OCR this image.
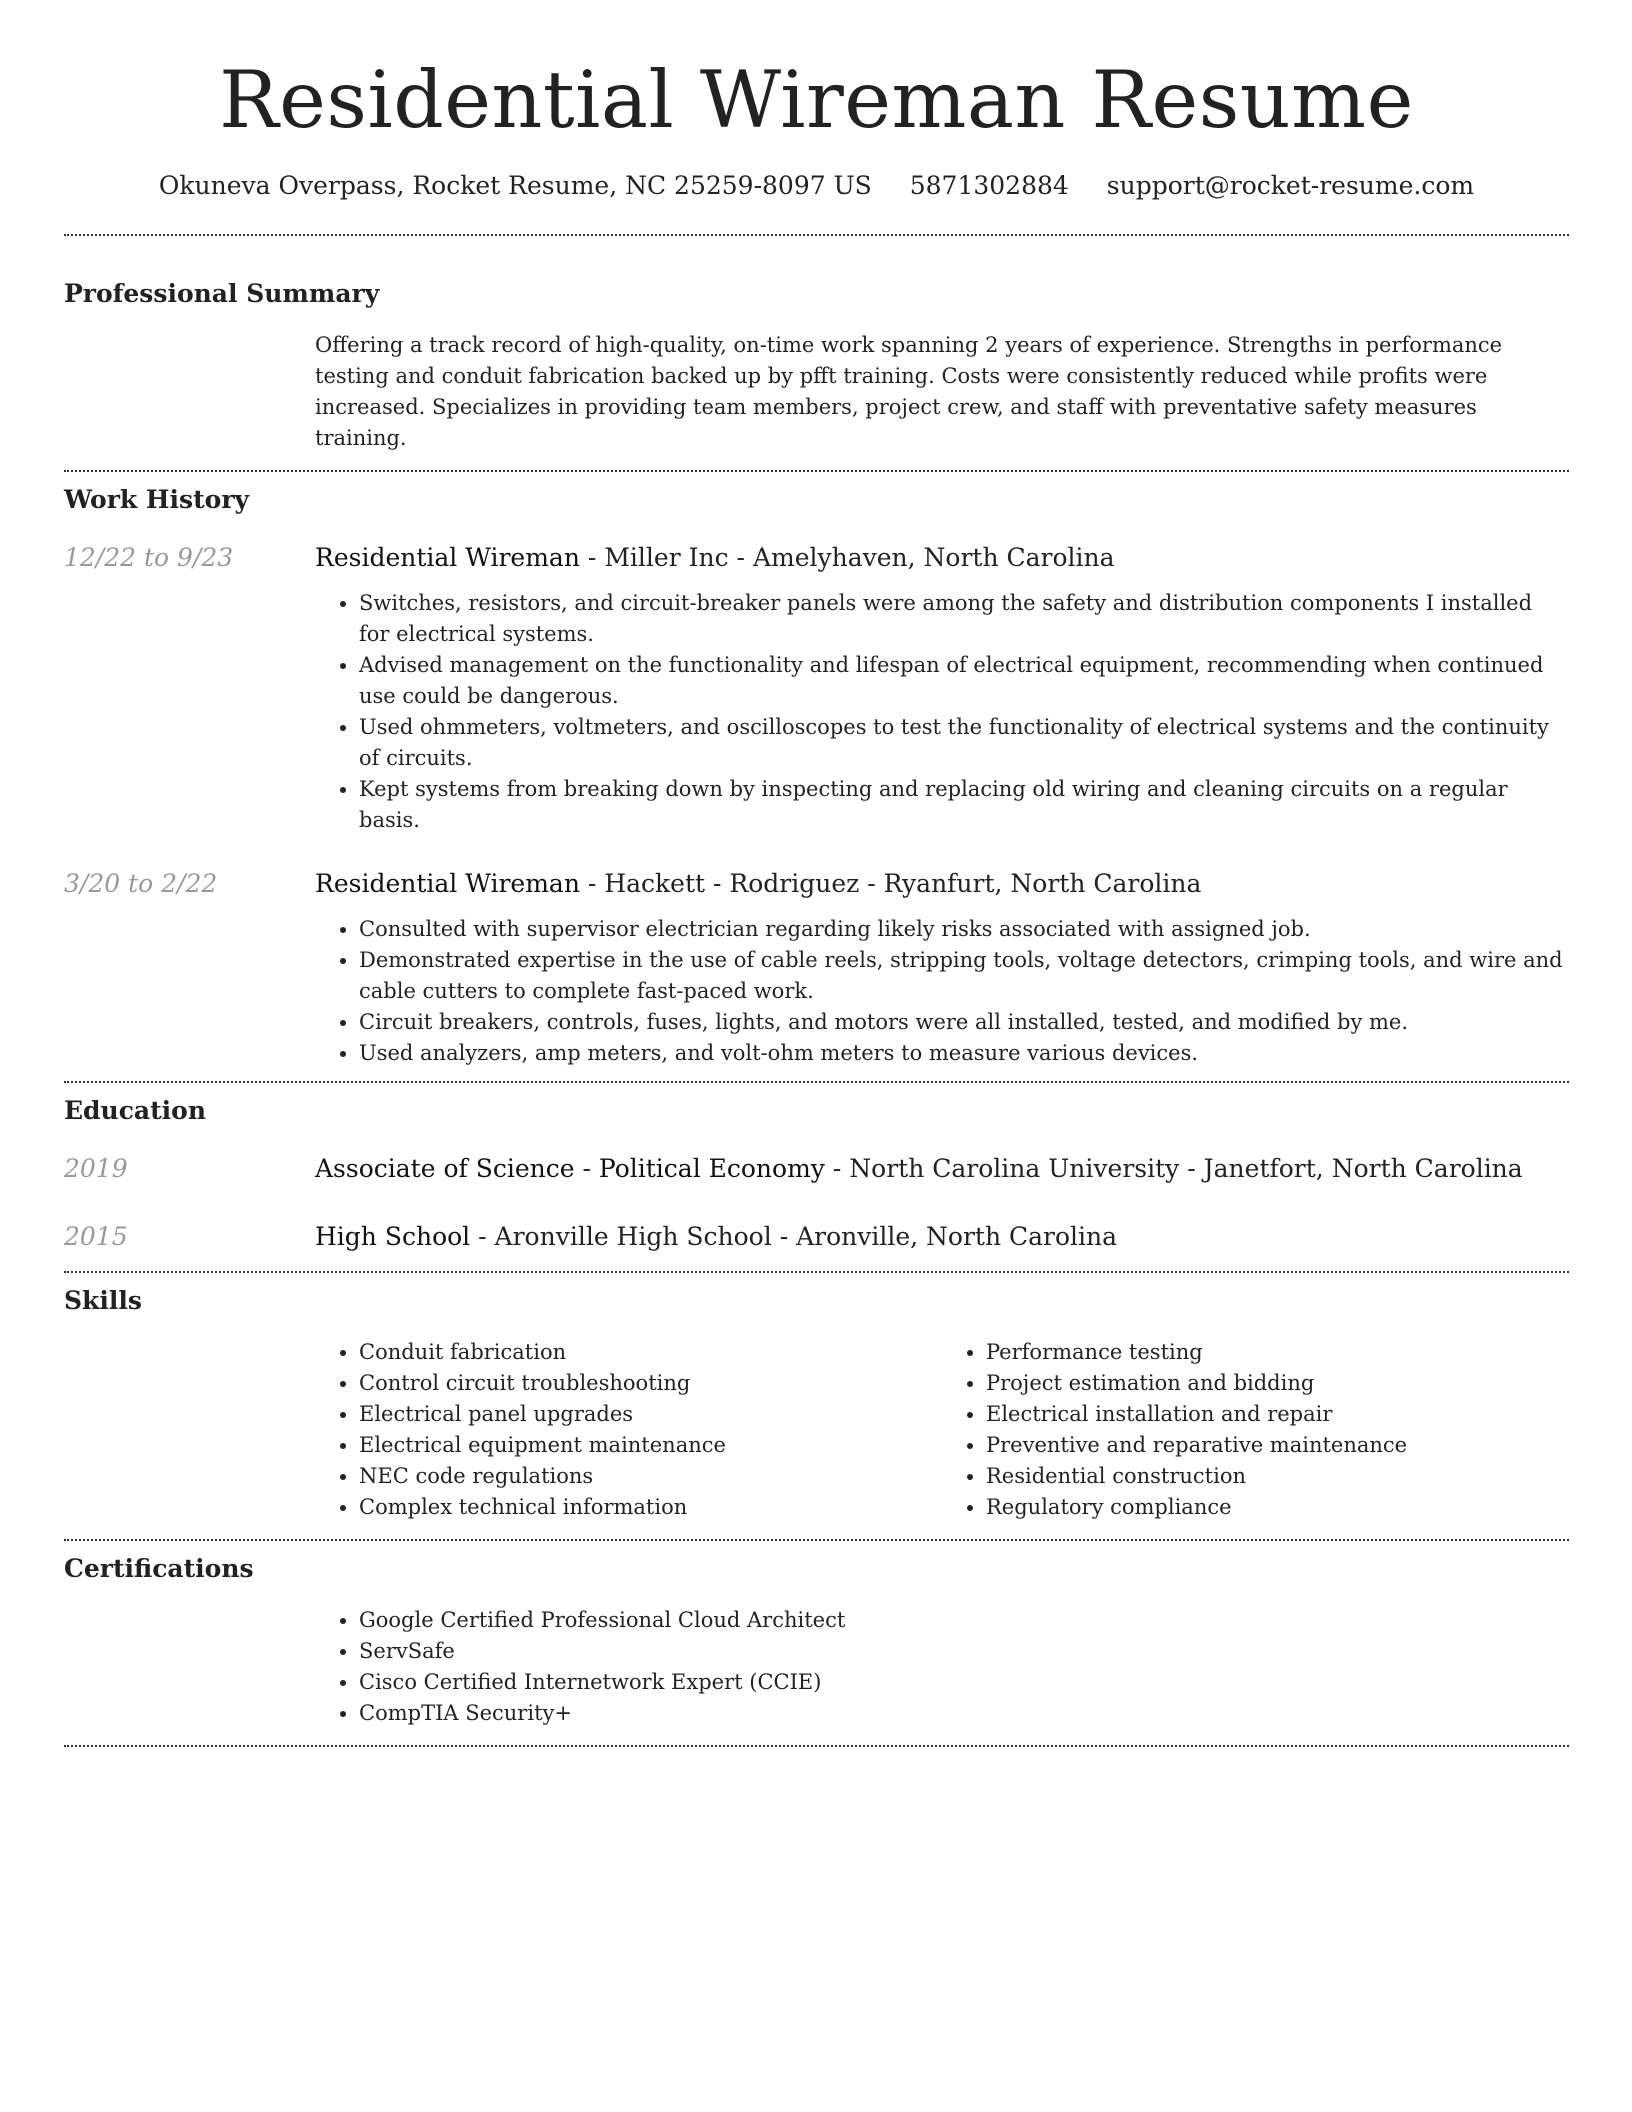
Residential Wireman Resume
Okuneva Overpass, Rocket Resume, NC 25259-8097 US 5871302884 support@rocket-resume.com
Professional Summary
Offering a track record of high-quality, on-time work spanning 2 years of experience. Strengths in performance testing and conduit fabrication backed up by pfft training. Costs were consistently reduced while profits were increased. Specializes in providing team members, project crew, and staff with preventative safety measures training.
Work History
12/22 to 9/23	Residential Wireman - Miller Inc - Amelyhaven, North Carolina
• Switches, resistors, and circuit-breaker panels were among the safety and distribution components I installed for electrical systems.
• Advised management on the functionality and lifespan of electrical equipment, recommending when continued use could be dangerous.
• Used ohmmeters, voltmeters, and oscilloscopes to test the functionality of electrical systems and the continuity of circuits.
• Kept systems from breaking down by inspecting and replacing old wiring and cleaning circuits on a regular basis.
3/20 to 2/22	Residential Wireman - Hackett - Rodriguez - Ryanfurt, North Carolina
• Consulted with supervisor electrician regarding likely risks associated with assigned job.
• Demonstrated expertise in the use of cable reels, stripping tools, voltage detectors, crimping tools, and wire and cable cutters to complete fast-paced work.
• Circuit breakers, controls, fuses, lights, and motors were all installed, tested, and modified by me.
• Used analyzers, amp meters, and volt-ohm meters to measure various devices.
Education
2019	Associate of Science - Political Economy - North Carolina University - Janetfort, North Carolina
2015	High School - Aronville High School - Aronville, North Carolina
Skills
• Conduit fabrication
• Control circuit troubleshooting
• Electrical panel upgrades
• Electrical equipment maintenance
• NEC code regulations
• Complex technical information
• Performance testing
• Project estimation and bidding
• Electrical installation and repair
• Preventive and reparative maintenance
• Residential construction
• Regulatory compliance
Certifications
• Google Certified Professional Cloud Architect
• ServSafe
• Cisco Certified Internetwork Expert (CCIE)
• CompTIA Security+
